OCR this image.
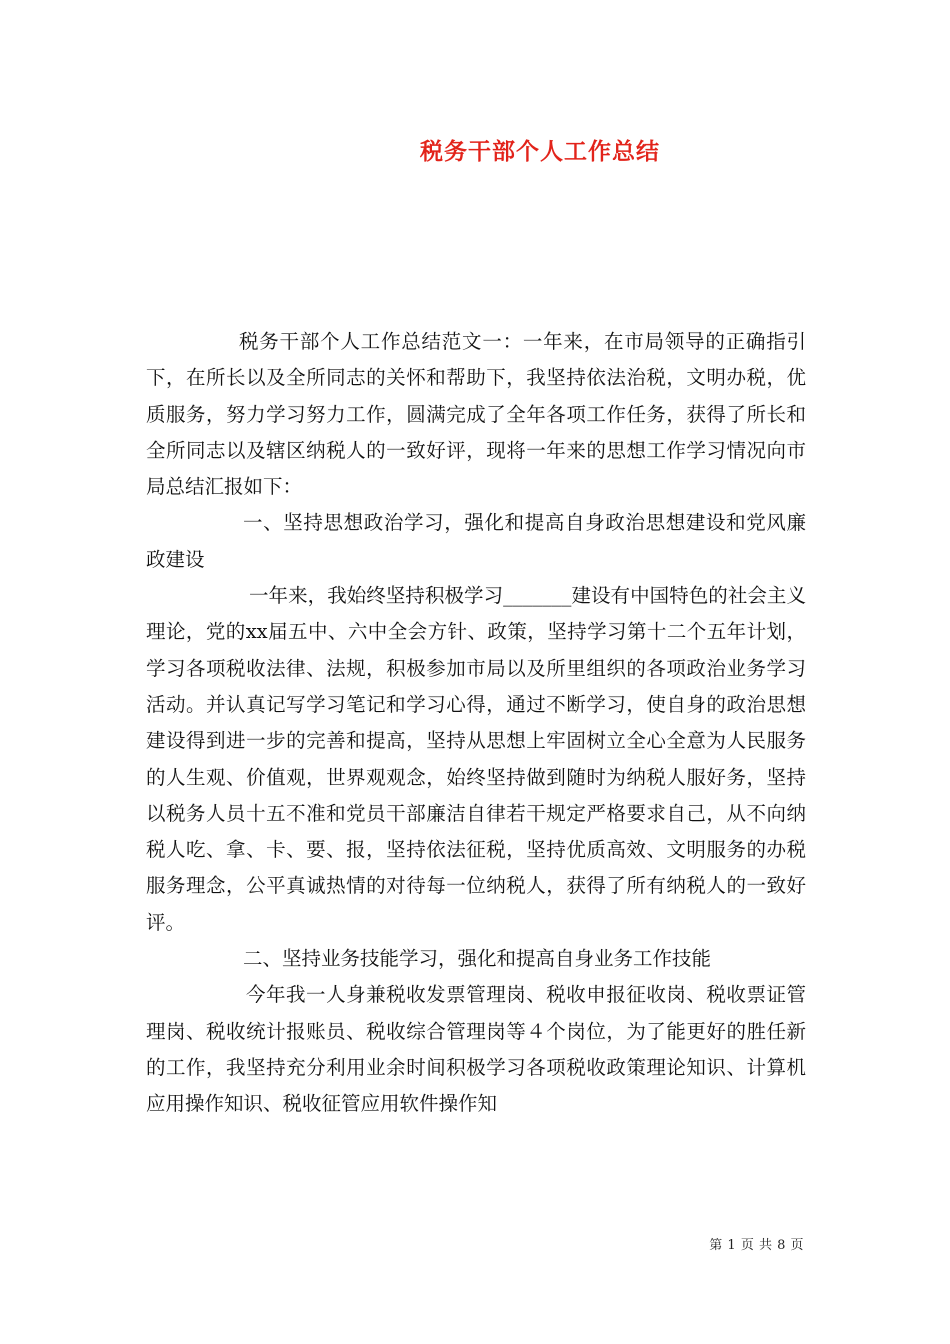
税务干部个人工作总结

税务干部个人工作总结范文一：一年来，在市局领导的正确指引下，在所长以及全所同志的关怀和帮助下，我坚持依法治税，文明办税，优质服务，努力学习努力工作，圆满完成了全年各项工作任务，获得了所长和全所同志以及辖区纳税人的一致好评，现将一年来的思想工作学习情况向市局总结汇报如下：

一、坚持思想政治学习，强化和提高自身政治思想建设和党风廉政建设

一年来，我始终坚持积极学习_______建设有中国特色的社会主义理论，党的xx届五中、六中全会方针、政策，坚持学习第十二个五年计划，学习各项税收法律、法规，积极参加市局以及所里组织的各项政治业务学习活动。并认真记写学习笔记和学习心得，通过不断学习，使自身的政治思想建设得到进一步的完善和提高，坚持从思想上牢固树立全心全意为人民服务的人生观、价值观，世界观观念，始终坚持做到随时为纳税人服好务，坚持以税务人员十五不准和党员干部廉洁自律若干规定严格要求自己，从不向纳税人吃、拿、卡、要、报，坚持依法征税，坚持优质高效、文明服务的办税服务理念，公平真诚热情的对待每一位纳税人，获得了所有纳税人的一致好评。

二、坚持业务技能学习，强化和提高自身业务工作技能

今年我一人身兼税收发票管理岗、税收申报征收岗、税收票证管理岗、税收统计报账员、税收综合管理岗等４个岗位，为了能更好的胜任新的工作，我坚持充分利用业余时间积极学习各项税收政策理论知识、计算机应用操作知识、税收征管应用软件操作知

第 1 页 共 8 页
